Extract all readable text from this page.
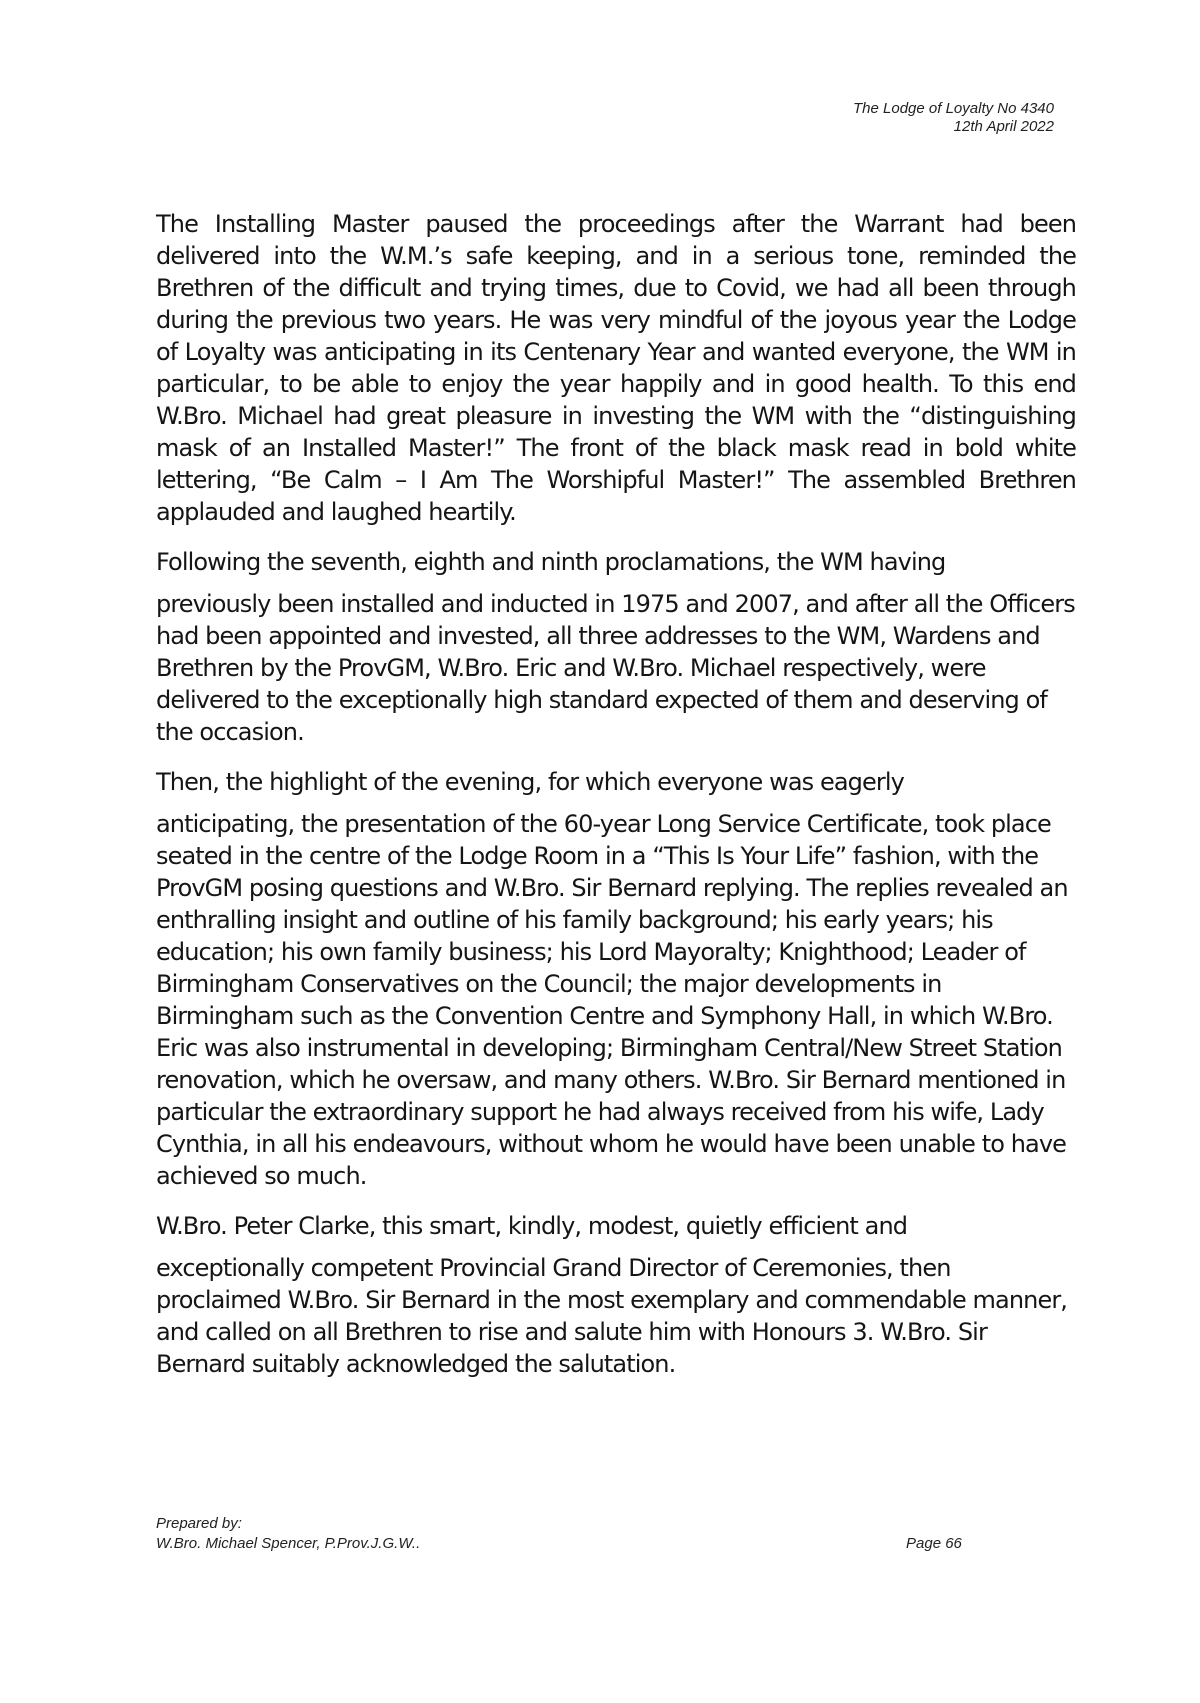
The Lodge of Loyalty No 4340
12th April 2022
The Installing Master paused the proceedings after the Warrant had been delivered into the W.M.’s safe keeping, and in a serious tone, reminded the Brethren of the difficult and trying times, due to Covid, we had all been through during the previous two years. He was very mindful of the joyous year the Lodge of Loyalty was anticipating in its Centenary Year and wanted everyone, the WM in particular, to be able to enjoy the year happily and in good health. To this end W.Bro. Michael had great pleasure in investing the WM with the “distinguishing mask of an Installed Master!” The front of the black mask read in bold white lettering, “Be Calm – I Am The Worshipful Master!” The assembled Brethren applauded and laughed heartily.
Following the seventh, eighth and ninth proclamations, the WM having
previously been installed and inducted in 1975 and 2007, and after all the Officers had been appointed and invested, all three addresses to the WM, Wardens and Brethren by the ProvGM, W.Bro. Eric and W.Bro. Michael respectively, were delivered to the exceptionally high standard expected of them and deserving of the occasion.
Then, the highlight of the evening, for which everyone was eagerly
anticipating, the presentation of the 60-year Long Service Certificate, took place seated in the centre of the Lodge Room in a “This Is Your Life” fashion, with the ProvGM posing questions and W.Bro. Sir Bernard replying. The replies revealed an enthralling insight and outline of his family background; his early years; his education; his own family business; his Lord Mayoralty; Knighthood; Leader of Birmingham Conservatives on the Council; the major developments in Birmingham such as the Convention Centre and Symphony Hall, in which W.Bro. Eric was also instrumental in developing; Birmingham Central/New Street Station renovation, which he oversaw, and many others. W.Bro. Sir Bernard mentioned in particular the extraordinary support he had always received from his wife, Lady Cynthia, in all his endeavours, without whom he would have been unable to have achieved so much.
W.Bro. Peter Clarke, this smart, kindly, modest, quietly efficient and
exceptionally competent Provincial Grand Director of Ceremonies, then proclaimed W.Bro. Sir Bernard in the most exemplary and commendable manner, and called on all Brethren to rise and salute him with Honours 3. W.Bro. Sir Bernard suitably acknowledged the salutation.
Prepared by:
W.Bro. Michael Spencer, P.Prov.J.G.W..	Page 66
